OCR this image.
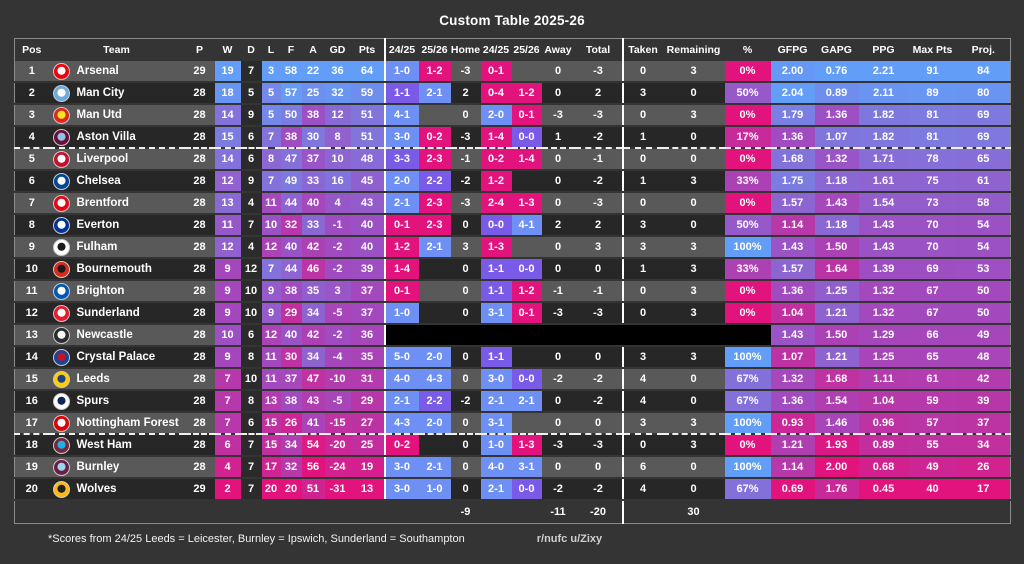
Custom Table 2025-26
Pos	Team	P	W	D	L	F	A	GD	Pts	24/25	25/26	Home	24/25	25/26	Away	Total	Taken	Remaining	%	GFPG	GAPG	PPG	Max Pts	Proj.
1	Arsenal	29	19	7	3	58	22	36	64	1-0	1-2	-3	0-1		0	-3	0	3	0%	2.00	0.76	2.21	91	84
2	Man City	28	18	5	5	57	25	32	59	1-1	2-1	2	0-4	1-2	0	2	3	0	50%	2.04	0.89	2.11	89	80
3	Man Utd	28	14	9	5	50	38	12	51	4-1		0	2-0	0-1	-3	-3	0	3	0%	1.79	1.36	1.82	81	69
4	Aston Villa	28	15	6	7	38	30	8	51	3-0	0-2	-3	1-4	0-0	1	-2	1	0	17%	1.36	1.07	1.82	81	69
5	Liverpool	28	14	6	8	47	37	10	48	3-3	2-3	-1	0-2	1-4	0	-1	0	0	0%	1.68	1.32	1.71	78	65
6	Chelsea	28	12	9	7	49	33	16	45	2-0	2-2	-2	1-2		0	-2	1	3	33%	1.75	1.18	1.61	75	61
7	Brentford	28	13	4	11	44	40	4	43	2-1	2-3	-3	2-4	1-3	0	-3	0	0	0%	1.57	1.43	1.54	73	58
8	Everton	28	11	7	10	32	33	-1	40	0-1	2-3	0	0-0	4-1	2	2	3	0	50%	1.14	1.18	1.43	70	54
9	Fulham	28	12	4	12	40	42	-2	40	1-2	2-1	3	1-3		0	3	3	3	100%	1.43	1.50	1.43	70	54
10	Bournemouth	28	9	12	7	44	46	-2	39	1-4		0	1-1	0-0	0	0	1	3	33%	1.57	1.64	1.39	69	53
11	Brighton	28	9	10	9	38	35	3	37	0-1		0	1-1	1-2	-1	-1	0	3	0%	1.36	1.25	1.32	67	50
12	Sunderland	28	9	10	9	29	34	-5	37	1-0		0	3-1	0-1	-3	-3	0	3	0%	1.04	1.21	1.32	67	50
13	Newcastle	28	10	6	12	40	42	-2	36											1.43	1.50	1.29	66	49
14	Crystal Palace	28	9	8	11	30	34	-4	35	5-0	2-0	0	1-1		0	0	3	3	100%	1.07	1.21	1.25	65	48
15	Leeds	28	7	10	11	37	47	-10	31	4-0	4-3	0	3-0	0-0	-2	-2	4	0	67%	1.32	1.68	1.11	61	42
16	Spurs	28	7	8	13	38	43	-5	29	2-1	2-2	-2	2-1	2-1	0	-2	4	0	67%	1.36	1.54	1.04	59	39
17	Nottingham Forest	28	7	6	15	26	41	-15	27	4-3	2-0	0	3-1		0	0	3	3	100%	0.93	1.46	0.96	57	37
18	West Ham	28	6	7	15	34	54	-20	25	0-2		0	1-0	1-3	-3	-3	0	3	0%	1.21	1.93	0.89	55	34
19	Burnley	28	4	7	17	32	56	-24	19	3-0	2-1	0	4-0	3-1	0	0	6	0	100%	1.14	2.00	0.68	49	26
20	Wolves	29	2	7	20	20	51	-31	13	3-0	1-0	0	2-1	0-0	-2	-2	4	0	67%	0.69	1.76	0.45	40	17
												-9			-11	-20		30						
*Scores from 24/25 Leeds = Leicester, Burnley = Ipswich, Sunderland = Southampton	r/nufc u/Zixy
